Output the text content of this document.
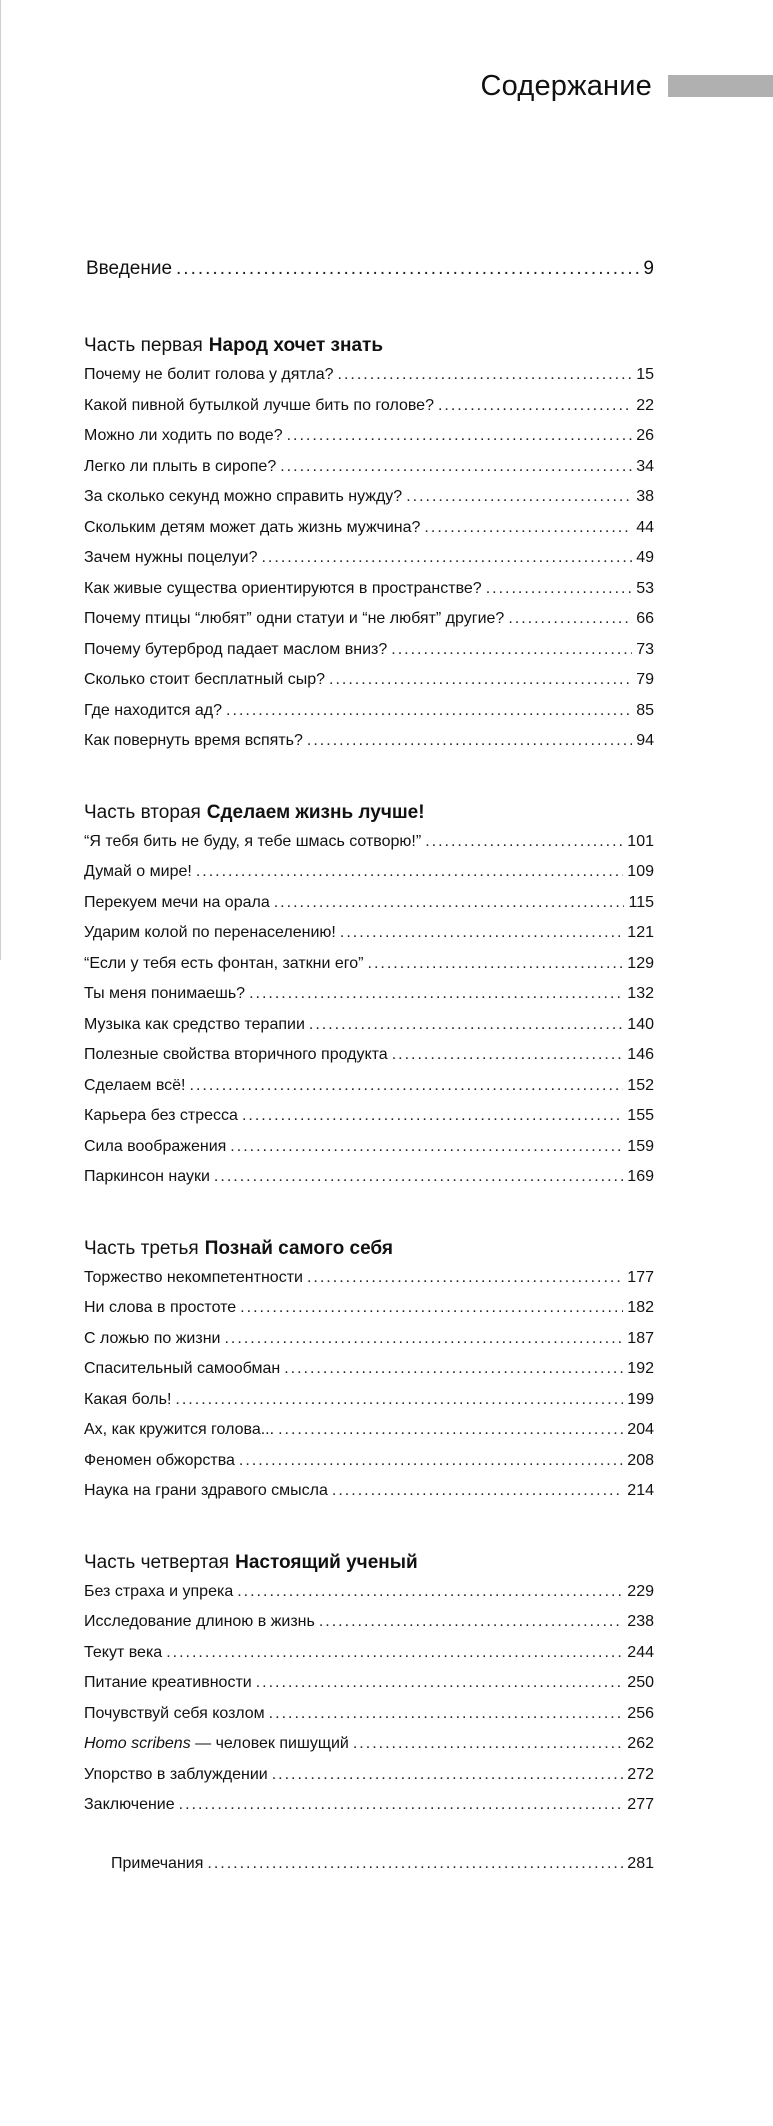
Содержание
Введение .....	9
Часть первая Народ хочет знать
Почему не болит голова у дятла? .....	15
Какой пивной бутылкой лучше бить по голове? .....	22
Можно ли ходить по воде? .....	26
Легко ли плыть в сиропе? .....	34
За сколько секунд можно справить нужду? .....	38
Скольким детям может дать жизнь мужчина? .....	44
Зачем нужны поцелуи? .....	49
Как живые существа ориентируются в пространстве? .....	53
Почему птицы “любят” одни статуи и “не любят” другие? .....	66
Почему бутерброд падает маслом вниз? .....	73
Сколько стоит бесплатный сыр? .....	79
Где находится ад? .....	85
Как повернуть время вспять? .....	94
Часть вторая Сделаем жизнь лучше!
“Я тебя бить не буду, я тебе шмась сотворю!” .....	101
Думай о мире! .....	109
Перекуем мечи на орала .....	115
Ударим колой по перенаселению! .....	121
“Если у тебя есть фонтан, заткни его” .....	129
Ты меня понимаешь? .....	132
Музыка как средство терапии .....	140
Полезные свойства вторичного продукта .....	146
Сделаем всё! .....	152
Карьера без стресса .....	155
Сила воображения .....	159
Паркинсон науки .....	169
Часть третья Познай самого себя
Торжество некомпетентности .....	177
Ни слова в простоте .....	182
С ложью по жизни .....	187
Спасительный самообман .....	192
Какая боль! .....	199
Ах, как кружится голова... .....	204
Феномен обжорства .....	208
Наука на грани здравого смысла .....	214
Часть четвертая Настоящий ученый
Без страха и упрека .....	229
Исследование длиною в жизнь .....	238
Текут века .....	244
Питание креативности .....	250
Почувствуй себя козлом .....	256
Homo scribens — человек пишущий .....	262
Упорство в заблуждении .....	272
Заключение .....	277
Примечания .....	281
